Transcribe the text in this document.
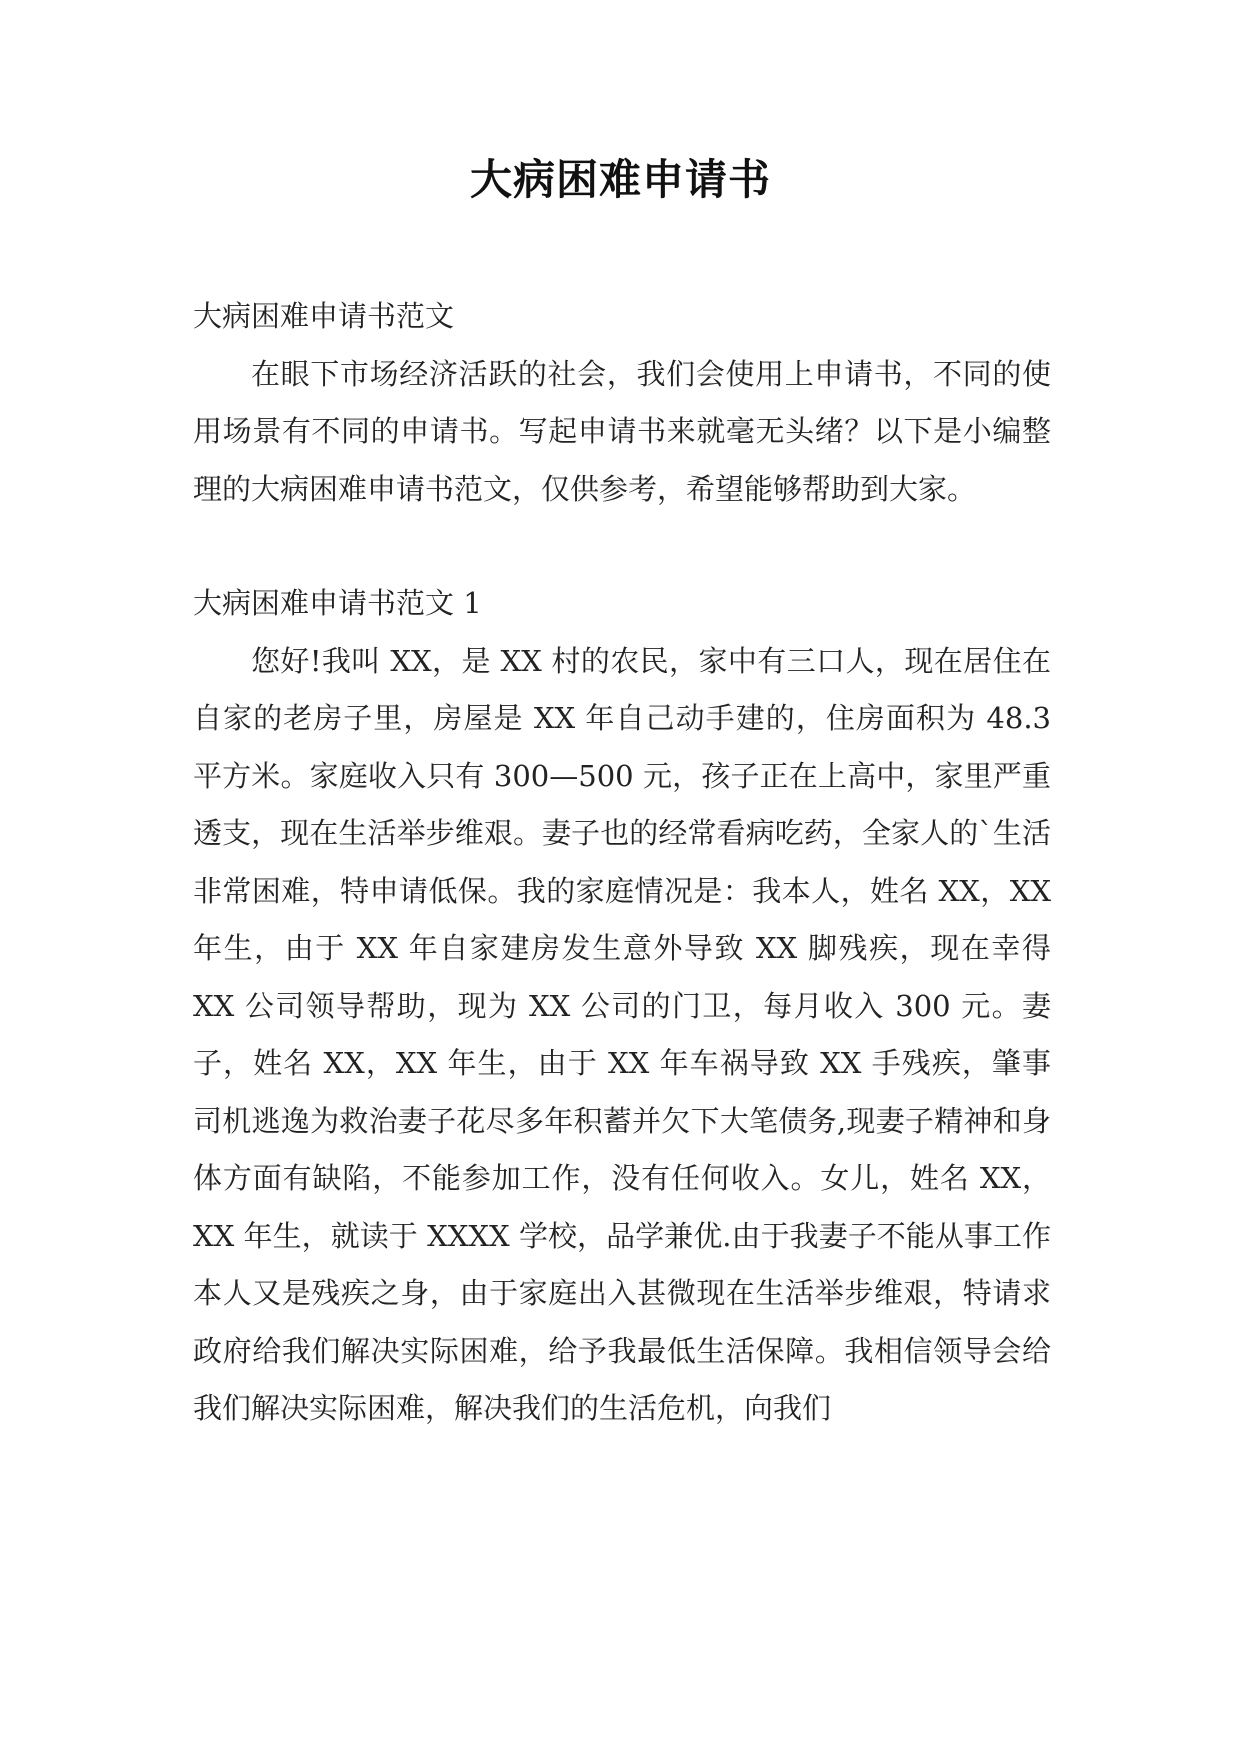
大病困难申请书

大病困难申请书范文

在眼下市场经济活跃的社会，我们会使用上申请书，不同的使用场景有不同的申请书。写起申请书来就毫无头绪？以下是小编整理的大病困难申请书范文，仅供参考，希望能够帮助到大家。

大病困难申请书范文 1

您好!我叫 XX，是 XX 村的农民，家中有三口人，现在居住在自家的老房子里，房屋是 XX 年自己动手建的，住房面积为 48.3 平方米。家庭收入只有 300—500 元，孩子正在上高中，家里严重透支，现在生活举步维艰。妻子也的经常看病吃药，全家人的`生活非常困难，特申请低保。我的家庭情况是：我本人，姓名 XX，XX 年生，由于 XX 年自家建房发生意外导致 XX 脚残疾，现在幸得 XX 公司领导帮助，现为 XX 公司的门卫，每月收入 300 元。妻子，姓名 XX，XX 年生，由于 XX 年车祸导致 XX 手残疾，肇事司机逃逸为救治妻子花尽多年积蓄并欠下大笔债务,现妻子精神和身体方面有缺陷，不能参加工作，没有任何收入。女儿，姓名 XX，XX 年生，就读于 XXXX 学校，品学兼优.由于我妻子不能从事工作本人又是残疾之身，由于家庭出入甚微现在生活举步维艰，特请求政府给我们解决实际困难，给予我最低生活保障。我相信领导会给我们解决实际困难，解决我们的生活危机，向我们
